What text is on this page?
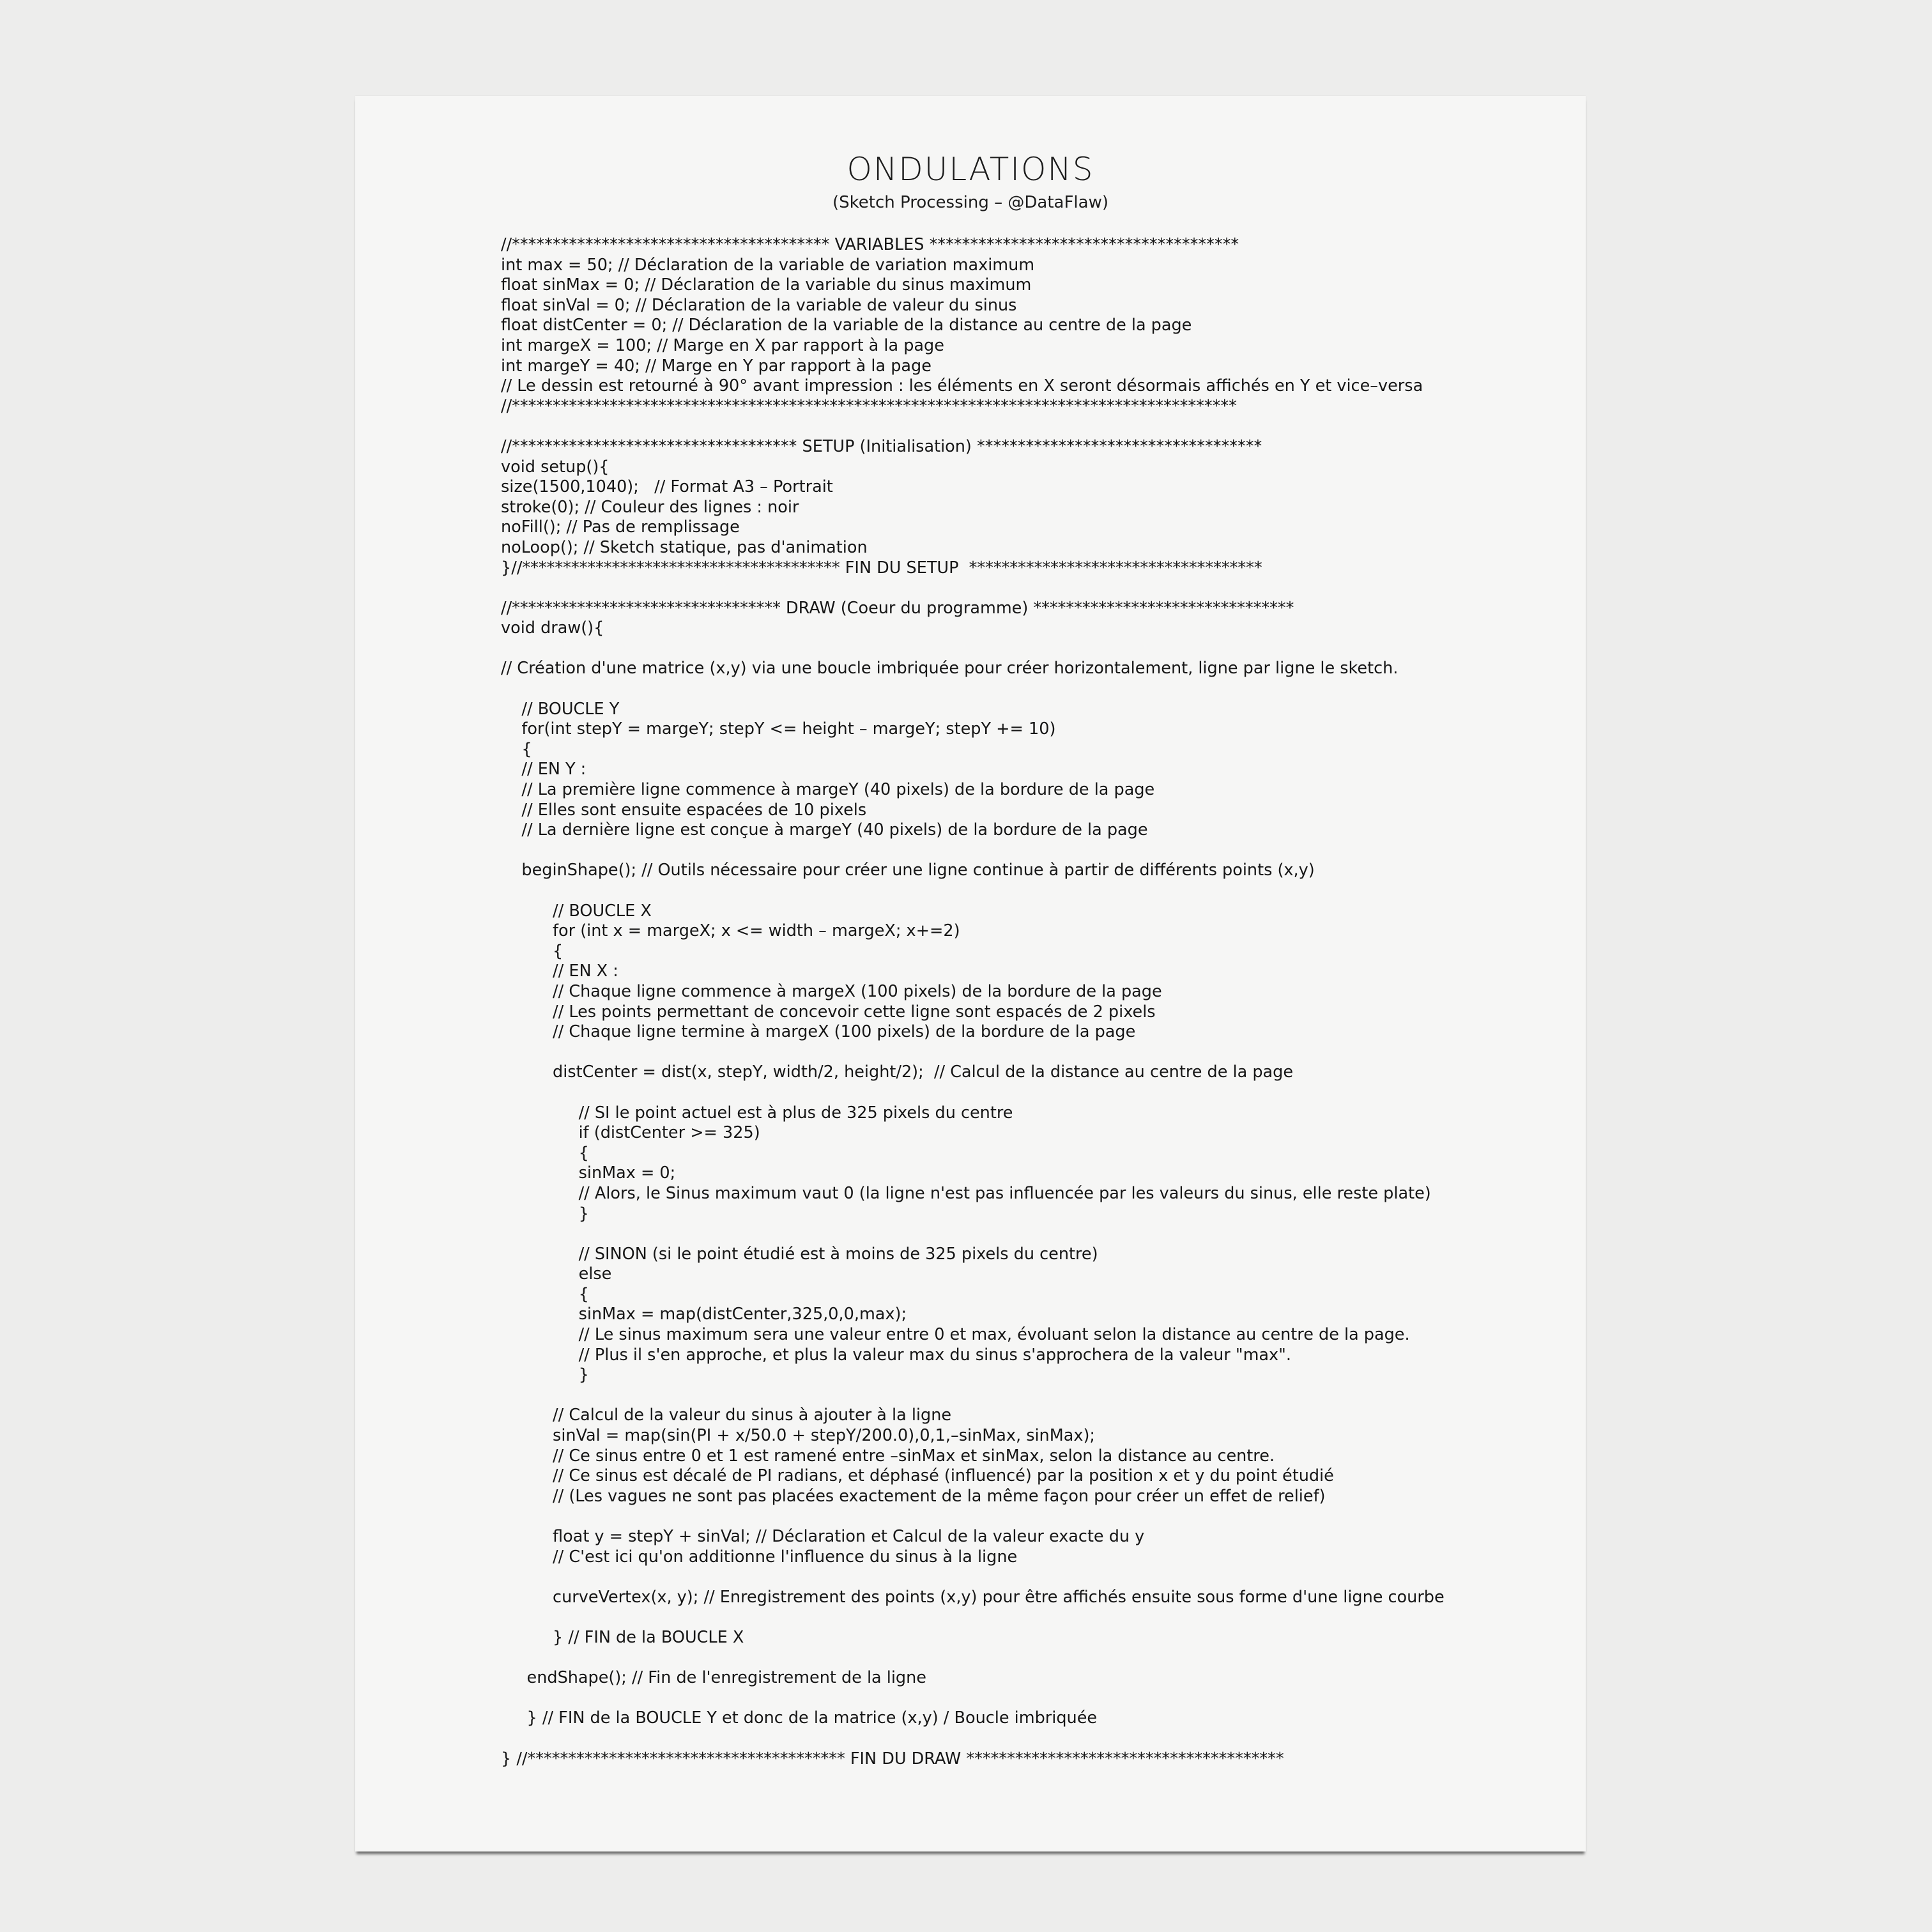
ONDULATIONS

(Sketch Processing – @DataFlaw)

//*************************************** VARIABLES **************************************
int max = 50; // Déclaration de la variable de variation maximum
float sinMax = 0; // Déclaration de la variable du sinus maximum
float sinVal = 0; // Déclaration de la variable de valeur du sinus
float distCenter = 0; // Déclaration de la variable de la distance au centre de la page
int margeX = 100; // Marge en X par rapport à la page
int margeY = 40; // Marge en Y par rapport à la page
// Le dessin est retourné à 90° avant impression : les éléments en X seront désormais affichés en Y et vice–versa
//*****************************************************************************************
//*********************************** SETUP (Initialisation) ***********************************
void setup(){
size(1500,1040);   // Format A3 – Portrait
stroke(0); // Couleur des lignes : noir
noFill(); // Pas de remplissage
noLoop(); // Sketch statique, pas d'animation
}//*************************************** FIN DU SETUP  ************************************
//********************************* DRAW (Coeur du programme) ********************************
void draw(){
// Création d'une matrice (x,y) via une boucle imbriquée pour créer horizontalement, ligne par ligne le sketch.
// BOUCLE Y
for(int stepY = margeY; stepY <= height – margeY; stepY += 10)
{
// EN Y :
// La première ligne commence à margeY (40 pixels) de la bordure de la page
// Elles sont ensuite espacées de 10 pixels
// La dernière ligne est conçue à margeY (40 pixels) de la bordure de la page
beginShape(); // Outils nécessaire pour créer une ligne continue à partir de différents points (x,y)
// BOUCLE X
for (int x = margeX; x <= width – margeX; x+=2)
{
// EN X :
// Chaque ligne commence à margeX (100 pixels) de la bordure de la page
// Les points permettant de concevoir cette ligne sont espacés de 2 pixels
// Chaque ligne termine à margeX (100 pixels) de la bordure de la page
distCenter = dist(x, stepY, width/2, height/2);  // Calcul de la distance au centre de la page
// SI le point actuel est à plus de 325 pixels du centre
if (distCenter >= 325)
{
sinMax = 0;
// Alors, le Sinus maximum vaut 0 (la ligne n'est pas influencée par les valeurs du sinus, elle reste plate)
}
// SINON (si le point étudié est à moins de 325 pixels du centre)
else
{
sinMax = map(distCenter,325,0,0,max);
// Le sinus maximum sera une valeur entre 0 et max, évoluant selon la distance au centre de la page.
// Plus il s'en approche, et plus la valeur max du sinus s'approchera de la valeur "max".
}
// Calcul de la valeur du sinus à ajouter à la ligne
sinVal = map(sin(PI + x/50.0 + stepY/200.0),0,1,–sinMax, sinMax);
// Ce sinus entre 0 et 1 est ramené entre –sinMax et sinMax, selon la distance au centre.
// Ce sinus est décalé de PI radians, et déphasé (influencé) par la position x et y du point étudié
// (Les vagues ne sont pas placées exactement de la même façon pour créer un effet de relief)
float y = stepY + sinVal; // Déclaration et Calcul de la valeur exacte du y
// C'est ici qu'on additionne l'influence du sinus à la ligne
curveVertex(x, y); // Enregistrement des points (x,y) pour être affichés ensuite sous forme d'une ligne courbe
} // FIN de la BOUCLE X
endShape(); // Fin de l'enregistrement de la ligne
} // FIN de la BOUCLE Y et donc de la matrice (x,y) / Boucle imbriquée
} //*************************************** FIN DU DRAW ***************************************
